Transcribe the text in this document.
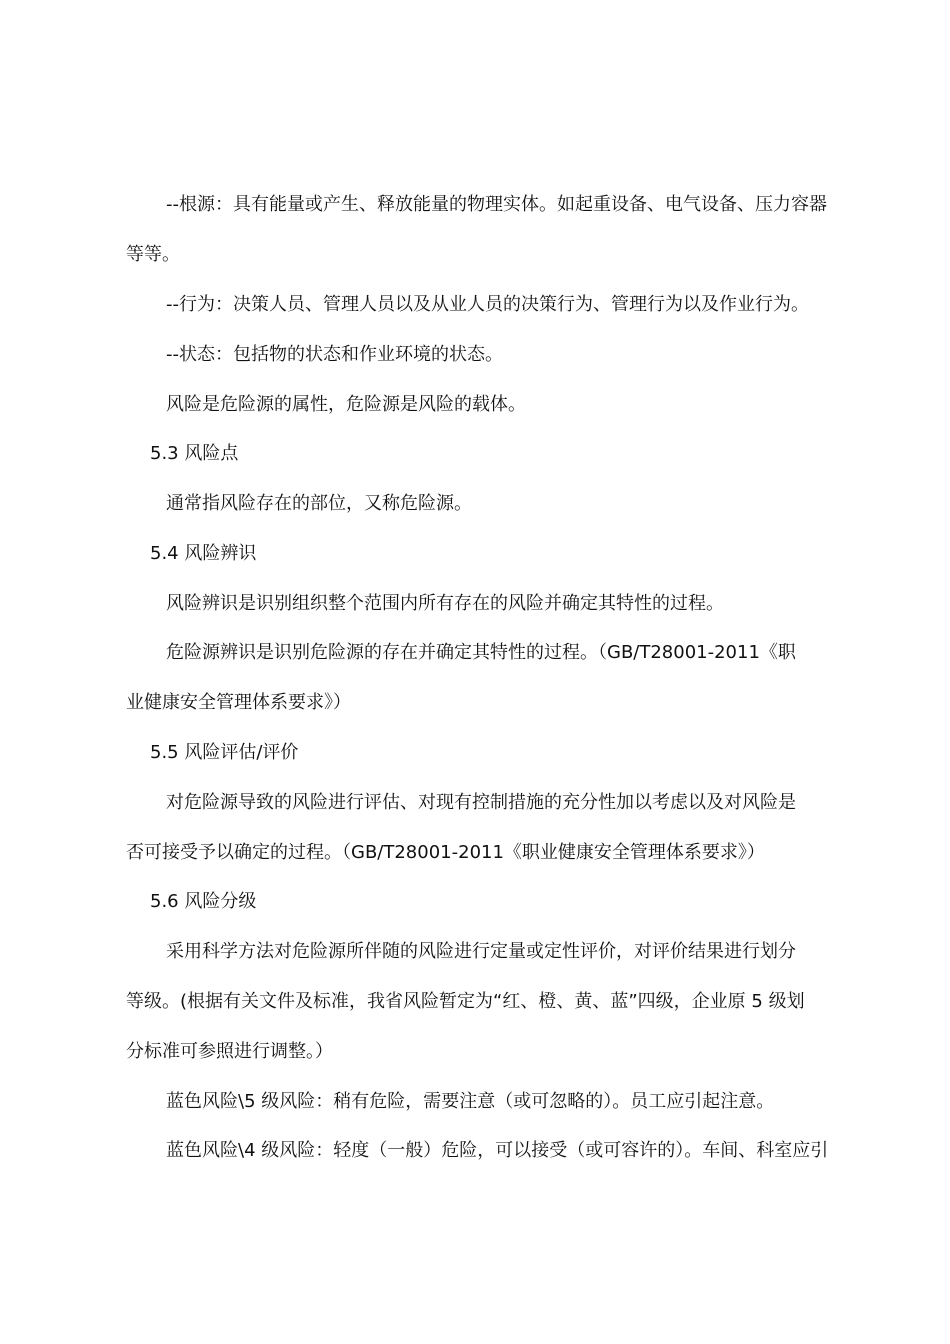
--根源：具有能量或产生、释放能量的物理实体。如起重设备、电气设备、压力容器
等等。
--行为：决策人员、管理人员以及从业人员的决策行为、管理行为以及作业行为。
--状态：包括物的状态和作业环境的状态。
风险是危险源的属性，危险源是风险的载体。
5.3 风险点
通常指风险存在的部位，又称危险源。
5.4 风险辨识
风险辨识是识别组织整个范围内所有存在的风险并确定其特性的过程。
危险源辨识是识别危险源的存在并确定其特性的过程。（GB/T28001-2011《职
业健康安全管理体系要求》）
5.5 风险评估/评价
对危险源导致的风险进行评估、对现有控制措施的充分性加以考虑以及对风险是
否可接受予以确定的过程。（GB/T28001-2011《职业健康安全管理体系要求》）
5.6 风险分级
采用科学方法对危险源所伴随的风险进行定量或定性评价，对评价结果进行划分
等级。(根据有关文件及标准，我省风险暂定为“红、橙、黄、蓝”四级，企业原 5 级划
分标准可参照进行调整。）
蓝色风险\5 级风险：稍有危险，需要注意（或可忽略的）。员工应引起注意。
蓝色风险\4 级风险：轻度（一般）危险，可以接受（或可容许的）。车间、科室应引
